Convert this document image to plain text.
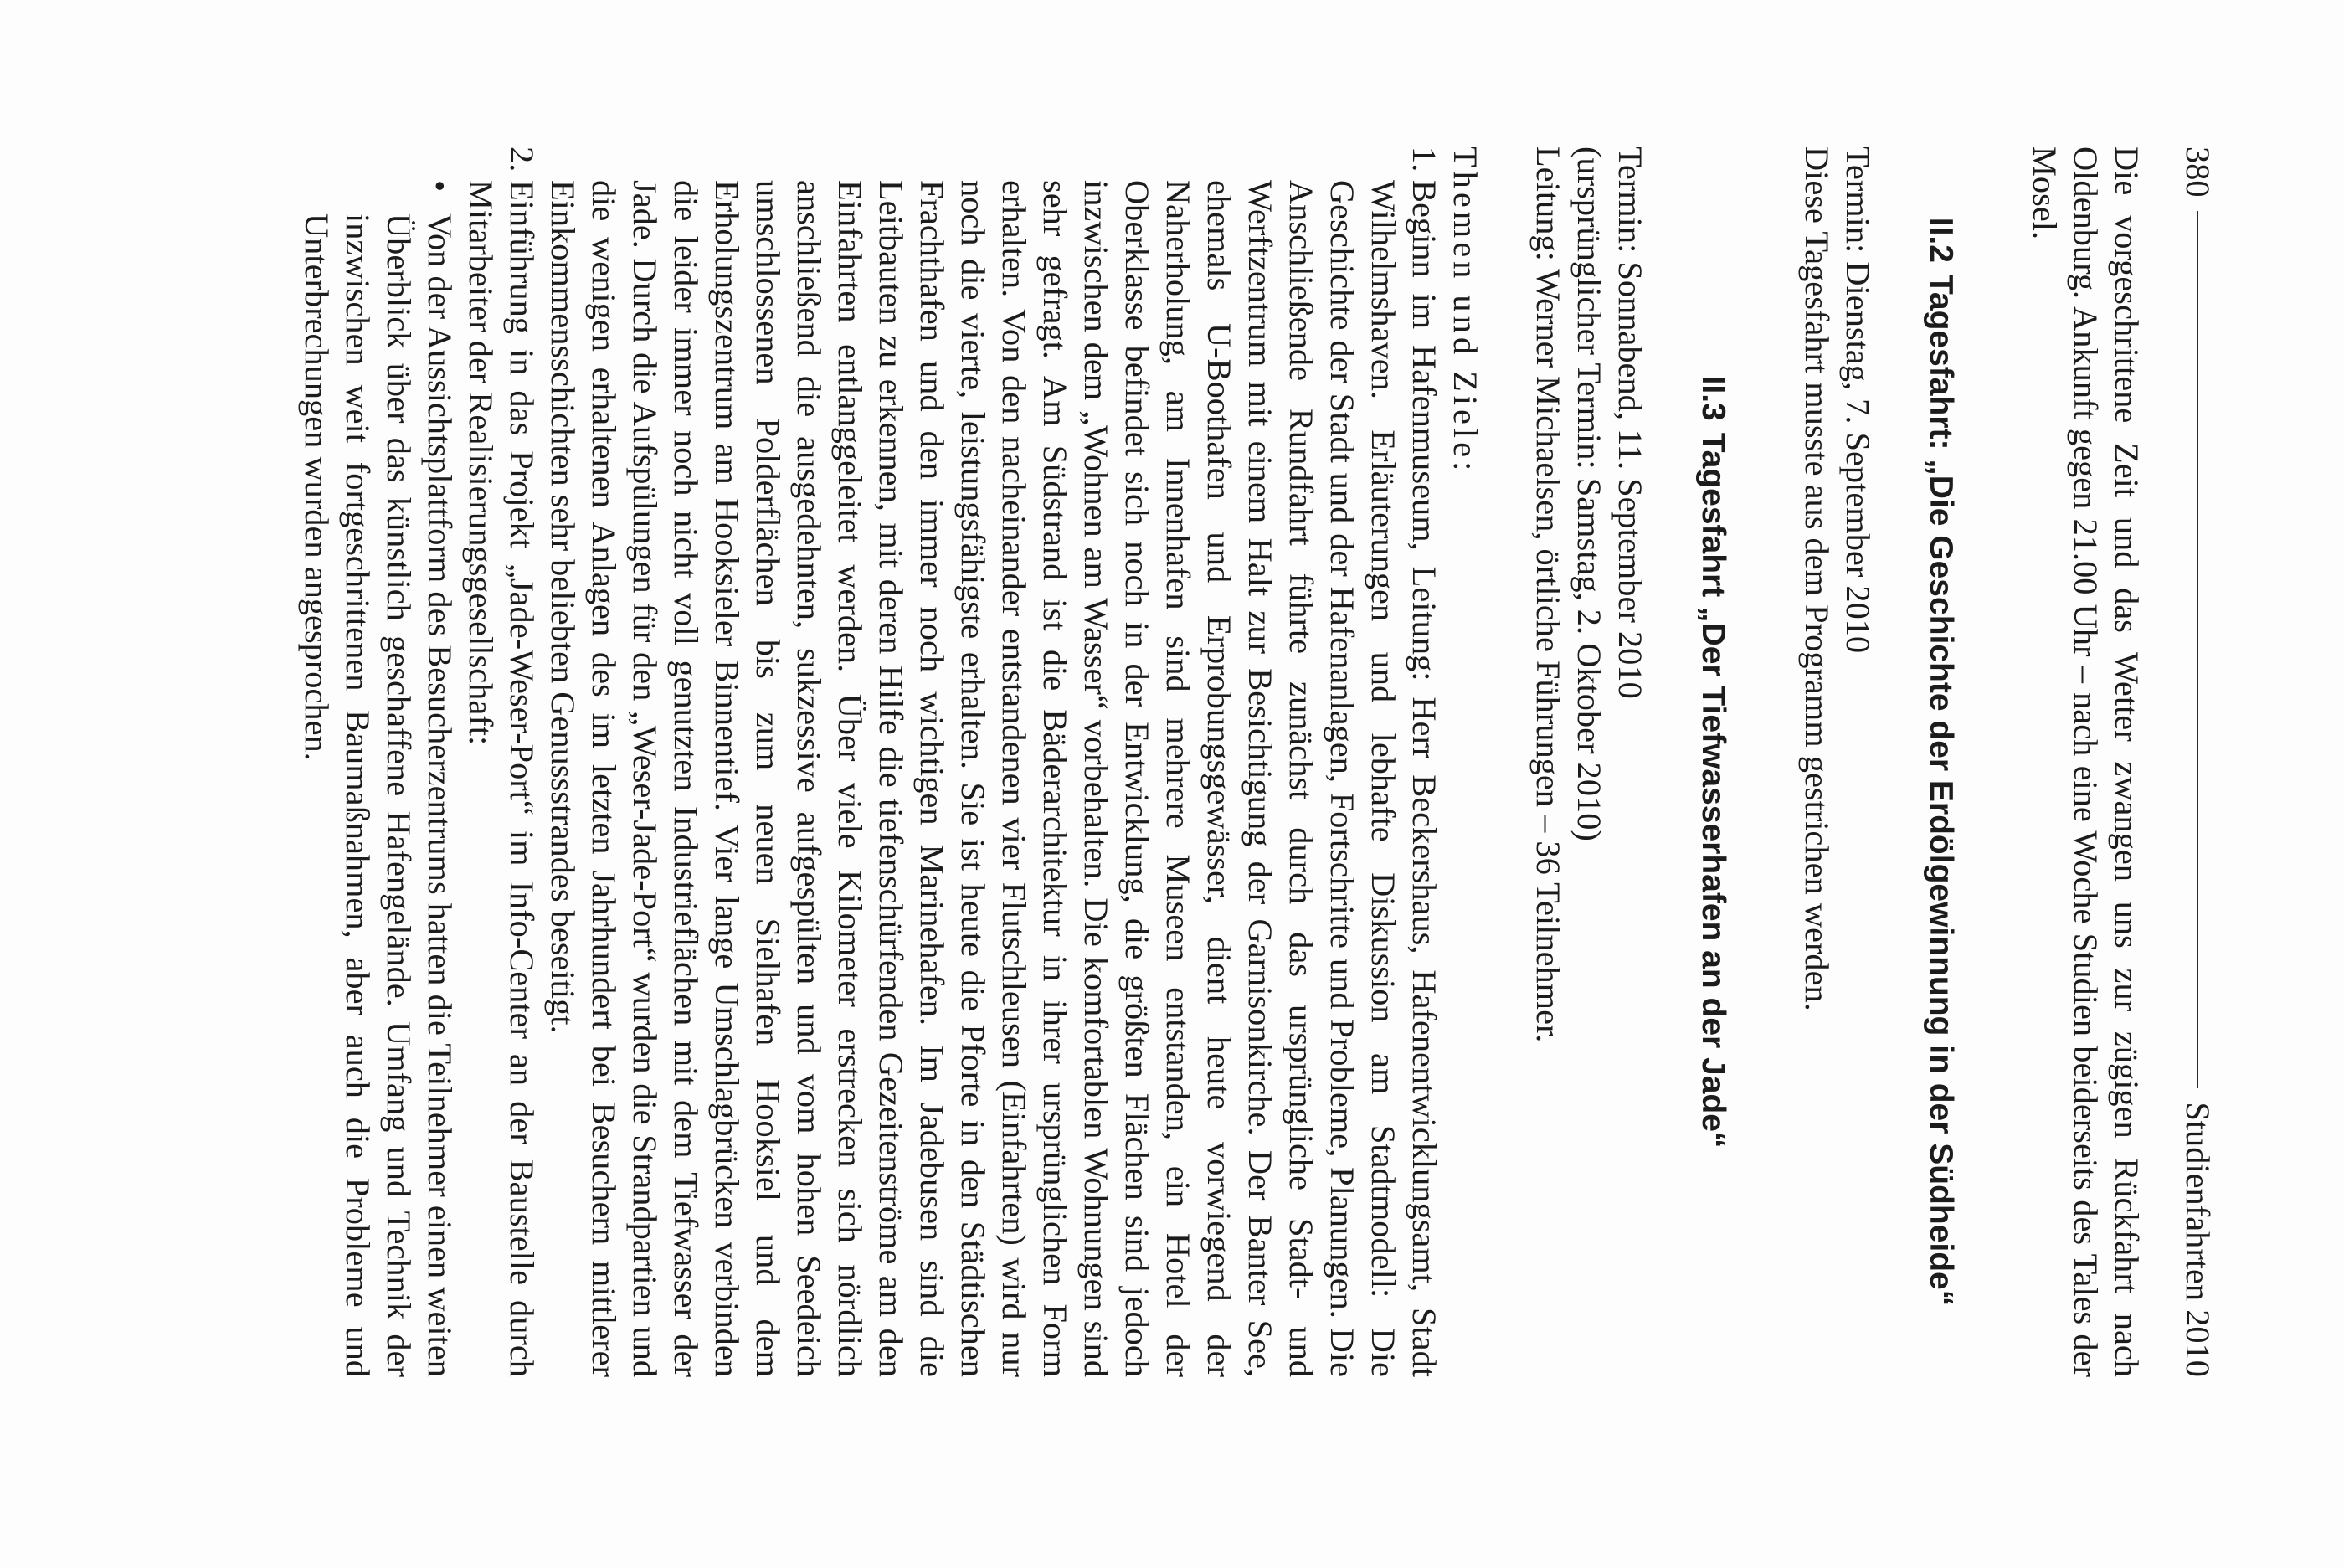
380
Studienfahrten 2010

Die vorgeschrittene Zeit und das Wetter zwangen uns zur zügigen Rückfahrt nach Oldenburg. Ankunft gegen 21.00 Uhr – nach eine Woche Studien beiderseits des Tales der Mosel.

II.2Tagesfahrt: „Die Geschichte der Erdölgewinnung in der Südheide“
Termin: Dienstag, 7. September 2010
Diese Tagesfahrt musste aus dem Programm gestrichen werden.
II.3Tagesfahrt „Der Tiefwasserhafen an der Jade“
Termin: Sonnabend, 11. September 2010
(ursprünglicher Termin: Samstag, 2. Oktober 2010)
Leitung: Werner Michaelsen, örtliche Führungen – 36 Teilnehmer.
Themen und Ziele:
1.

Beginn im Hafenmuseum, Leitung: Herr Beckershaus, Hafenentwicklungsamt, Stadt Wilhelmshaven. Erläuterungen und lebhafte Diskussion am Stadtmodell: Die Geschichte der Stadt und der Hafenanlagen, Fortschritte und Probleme, Planungen. Die Anschließende Rundfahrt führte zunächst durch das ursprüngliche Stadt- und Werftzentrum mit einem Halt zur Besichtigung der Garnisonkirche. Der Banter See, ehemals U-Boothafen und Erprobungsgewässer, dient heute vorwiegend der Naherholung, am Innenhafen sind mehrere Museen entstanden, ein Hotel der Oberklasse befindet sich noch in der Entwicklung, die größten Flächen sind jedoch inzwischen dem „Wohnen am Wasser“ vorbehalten. Die komfortablen Wohnungen sind sehr gefragt. Am Südstrand ist die Bäderarchitektur in ihrer ursprünglichen Form erhalten. Von den nacheinander entstandenen vier Flutschleusen (Einfahrten) wird nur noch die vierte, leistungsfähigste erhalten. Sie ist heute die Pforte in den Städtischen Frachthafen und den immer noch wichtigen Marinehafen. Im Jadebusen sind die Leitbauten zu erkennen, mit deren Hilfe die tiefenschürfenden Gezeitenströme am den Einfahrten entlanggeleitet werden. Über viele Kilometer erstrecken sich nördlich anschließend die ausgedehnten, sukzessive aufgespülten und vom hohen Seedeich umschlossenen Polderflächen bis zum neuen Sielhafen Hooksiel und dem Erholungszentrum am Hooksieler Binnentief. Vier lange Umschlagbrücken verbinden die leider immer noch nicht voll genutzten Industrieflächen mit dem Tiefwasser der Jade. Durch die Aufspülungen für den „Weser-Jade-Port“ wurden die Strandpartien und die wenigen erhaltenen Anlagen des im letzten Jahrhundert bei Besuchern mittlerer Einkommensschichten sehr beliebten Genussstrandes beseitigt.

2.

Einführung in das Projekt „Jade-Weser-Port“ im Info-Center an der Baustelle durch Mitarbeiter der Realisierungsgesellschaft:

•

Von der Aussichtsplattform des Besucherzentrums hatten die Teilnehmer einen weiten Überblick über das künstlich geschaffene Hafengelände. Umfang und Technik der inzwischen weit fortgeschrittenen Baumaßnahmen, aber auch die Probleme und Unterbrechungen wurden angesprochen.
